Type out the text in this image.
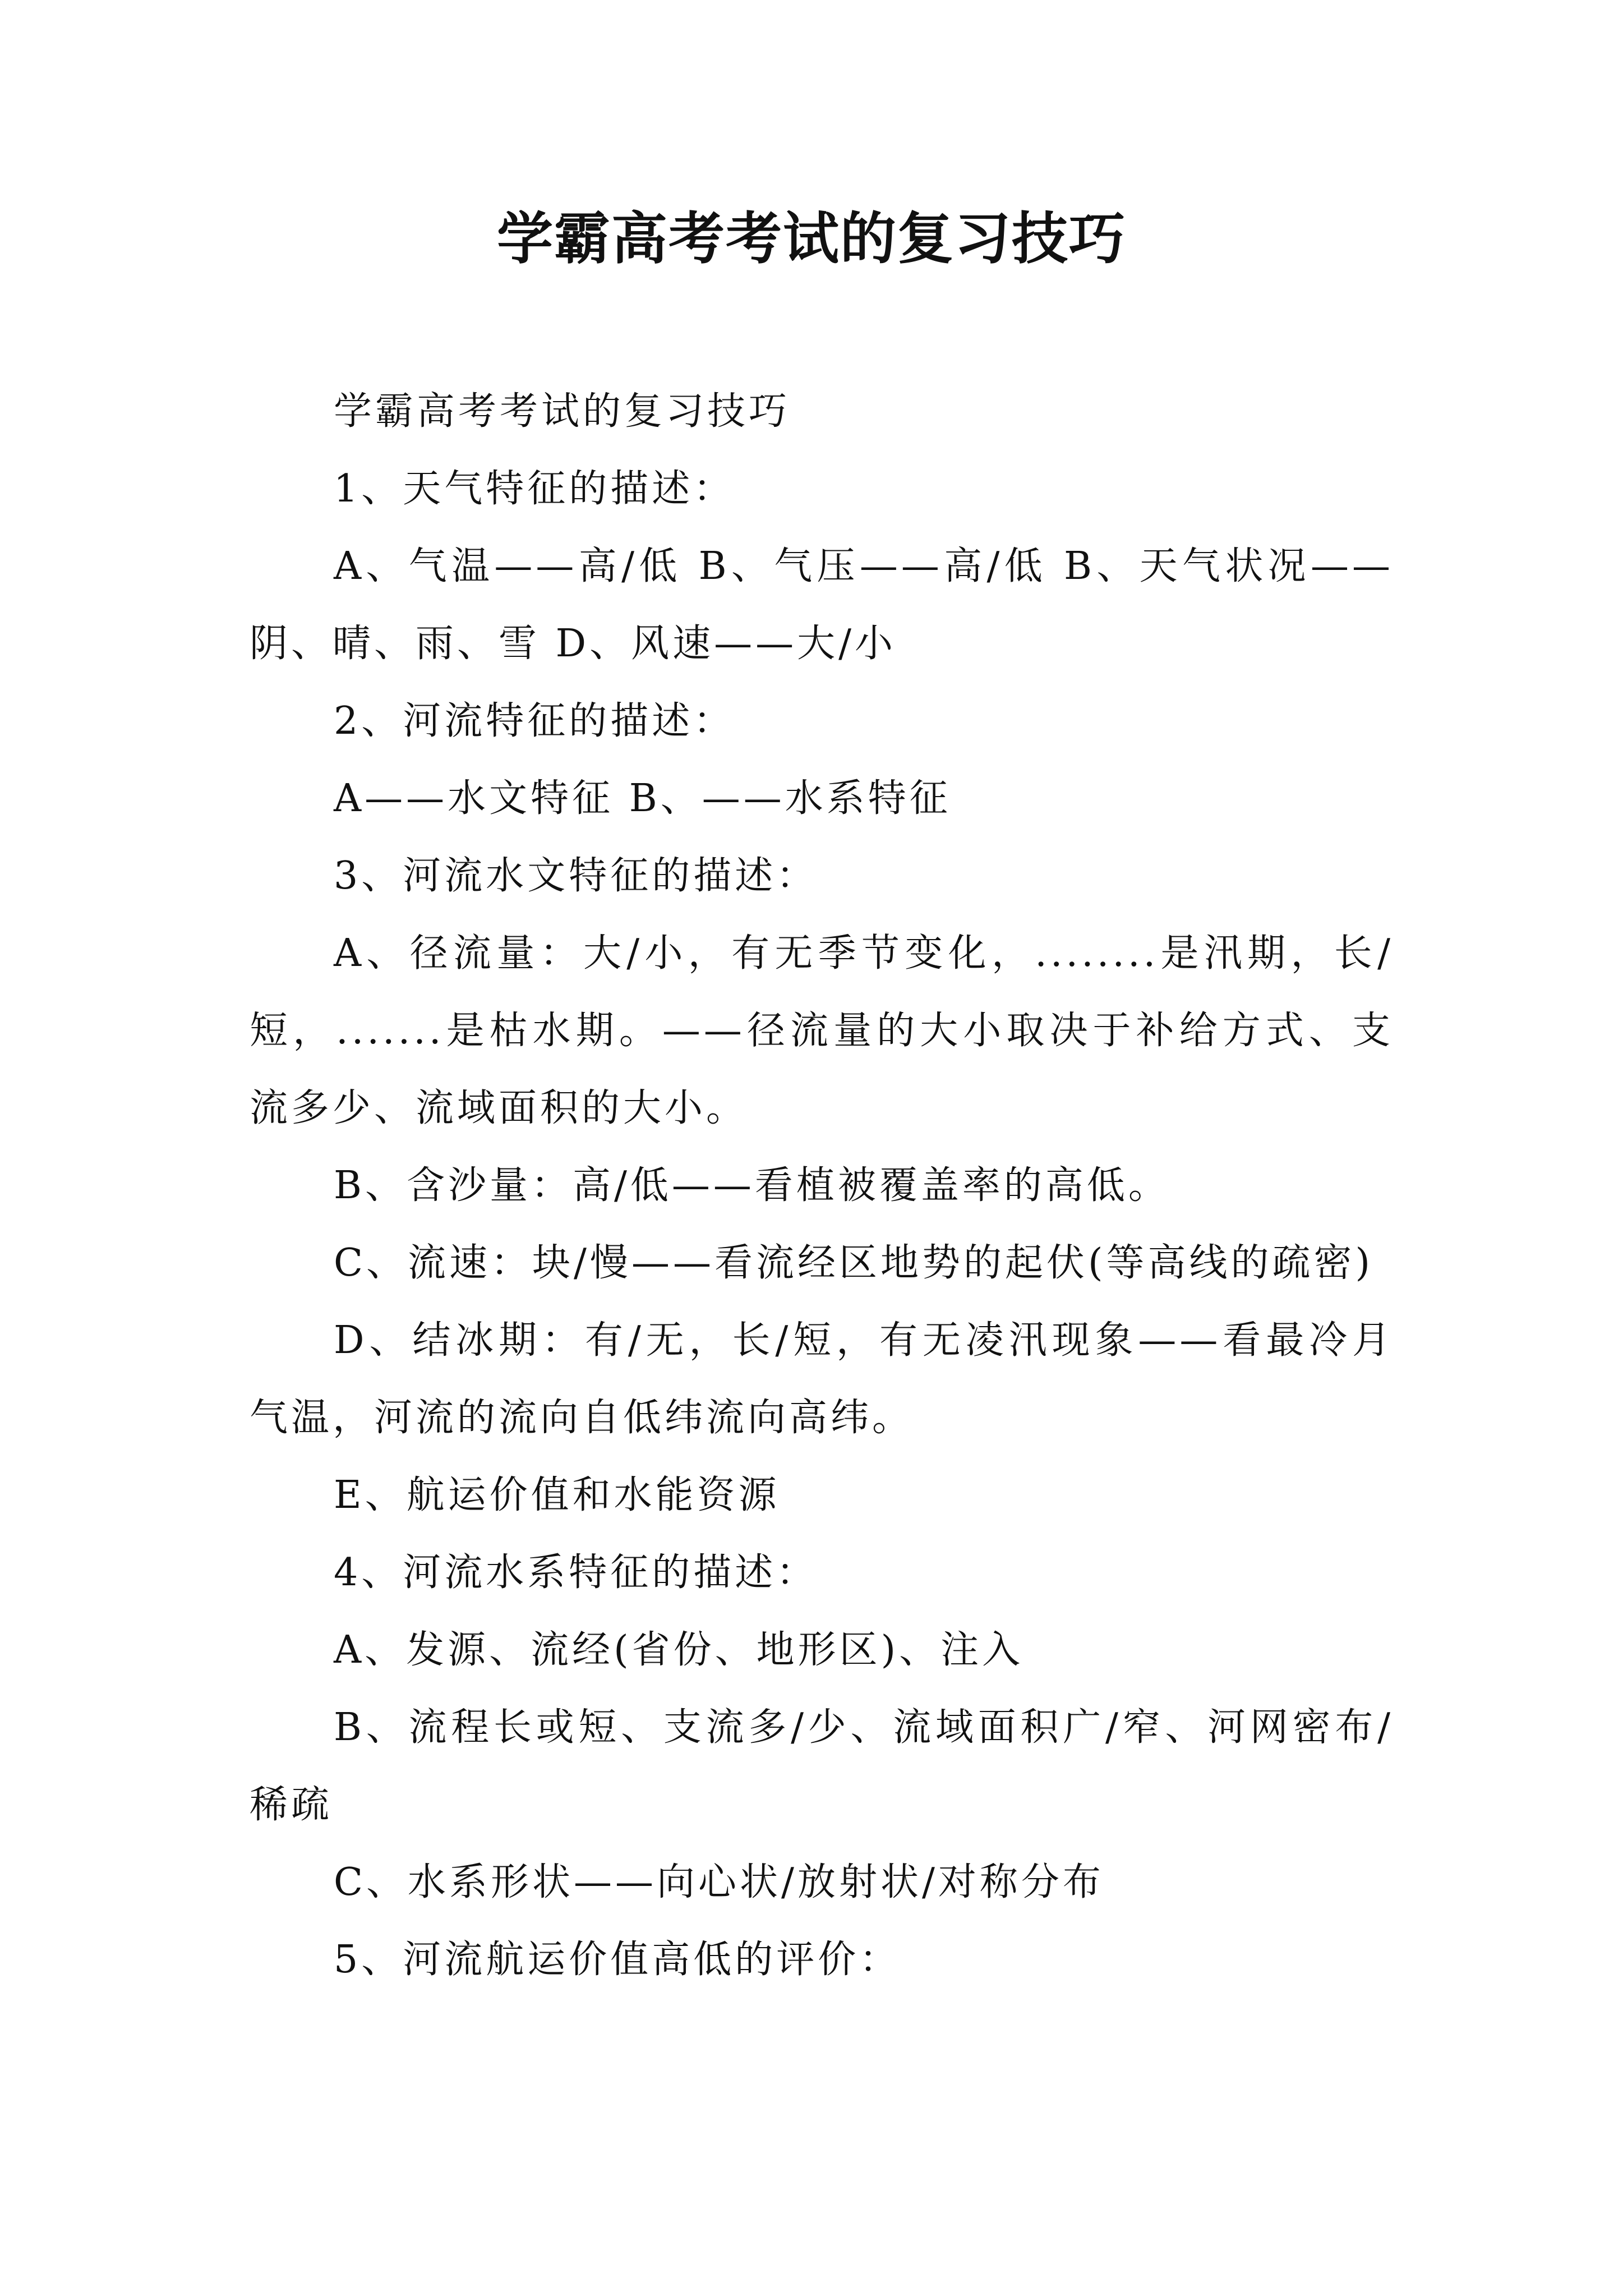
学霸高考考试的复习技巧

学霸高考考试的复习技巧

1、天气特征的描述：

A、气温——高/低 B、气压——高/低 B、天气状况——阴、晴、雨、雪 D、风速——大/小

2、河流特征的描述：

A——水文特征 B、——水系特征

3、河流水文特征的描述：

A、径流量：大/小，有无季节变化，........是汛期，长/短，.......是枯水期。——径流量的大小取决于补给方式、支流多少、流域面积的大小。

B、含沙量：高/低——看植被覆盖率的高低。

C、流速：块/慢——看流经区地势的起伏(等高线的疏密)

D、结冰期：有/无，长/短，有无凌汛现象——看最冷月气温，河流的流向自低纬流向高纬。

E、航运价值和水能资源

4、河流水系特征的描述：

A、发源、流经(省份、地形区)、注入

B、流程长或短、支流多/少、流域面积广/窄、河网密布/稀疏

C、水系形状——向心状/放射状/对称分布

5、河流航运价值高低的评价：
